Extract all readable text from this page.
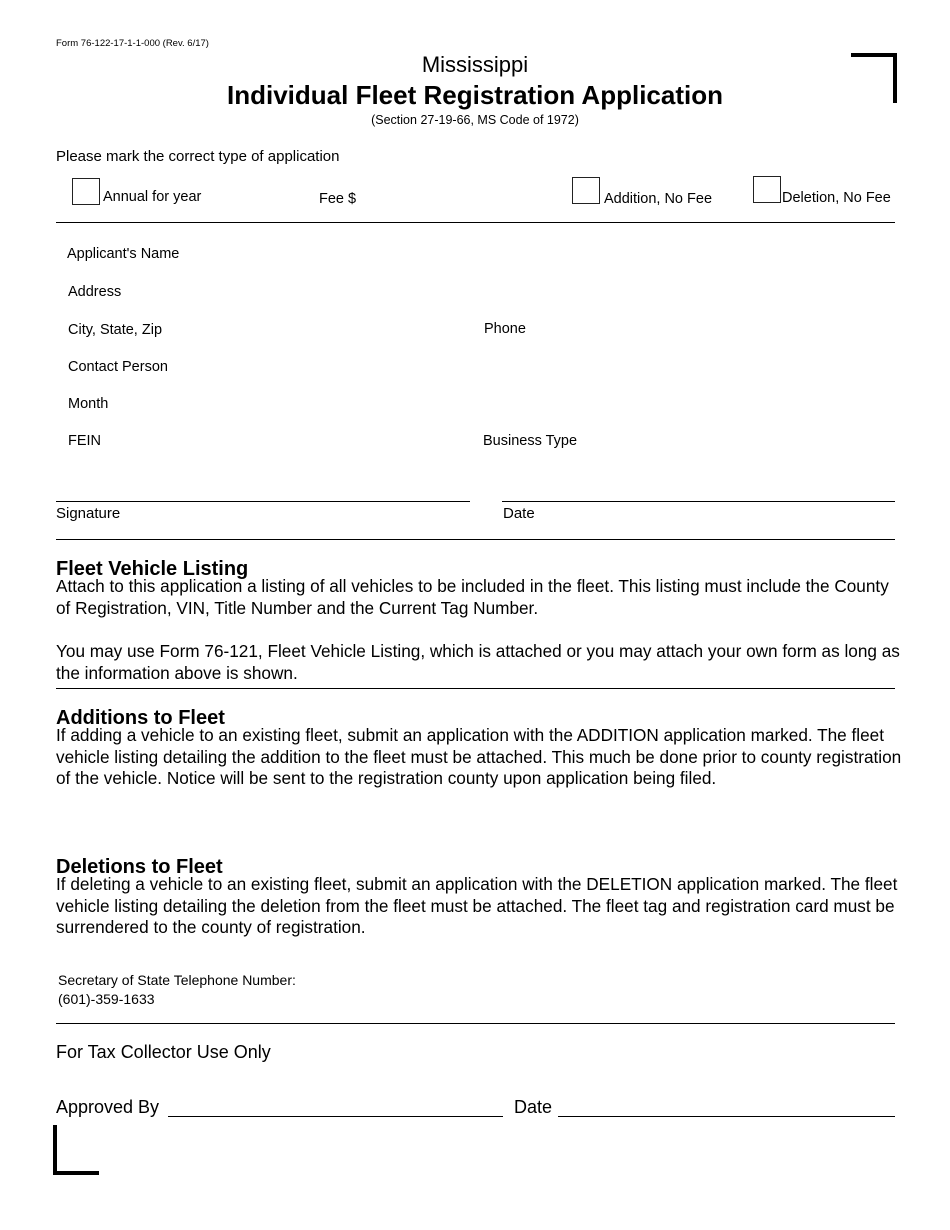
Form 76-122-17-1-1-000 (Rev. 6/17)
Mississippi
Individual Fleet Registration Application
(Section 27-19-66, MS Code of 1972)
Please mark the correct type of application
Annual for year	Fee $	Addition, No Fee	Deletion, No Fee
Applicant's Name
Address
City, State, Zip	Phone
Contact Person
Month
FEIN	Business Type
Signature	Date
Fleet Vehicle Listing
Attach to this application a listing of all vehicles to be included in the fleet. This listing must include the County of Registration, VIN, Title Number and the Current Tag Number.
You may use Form 76-121, Fleet Vehicle Listing, which is attached or you may attach your own form as long as the information above is shown.
Additions to Fleet
If adding a vehicle to an existing fleet, submit an application with the ADDITION application marked. The fleet vehicle listing detailing the addition to the fleet must be attached. This much be done prior to county registration of the vehicle. Notice will be sent to the registration county upon application being filed.
Deletions to Fleet
If deleting a vehicle to an existing fleet, submit an application with the DELETION application marked. The fleet vehicle listing detailing the deletion from the fleet must be attached. The fleet tag and registration card must be surrendered to the county of registration.
Secretary of State Telephone Number:
(601)-359-1633
For Tax Collector Use Only
Approved By	Date
